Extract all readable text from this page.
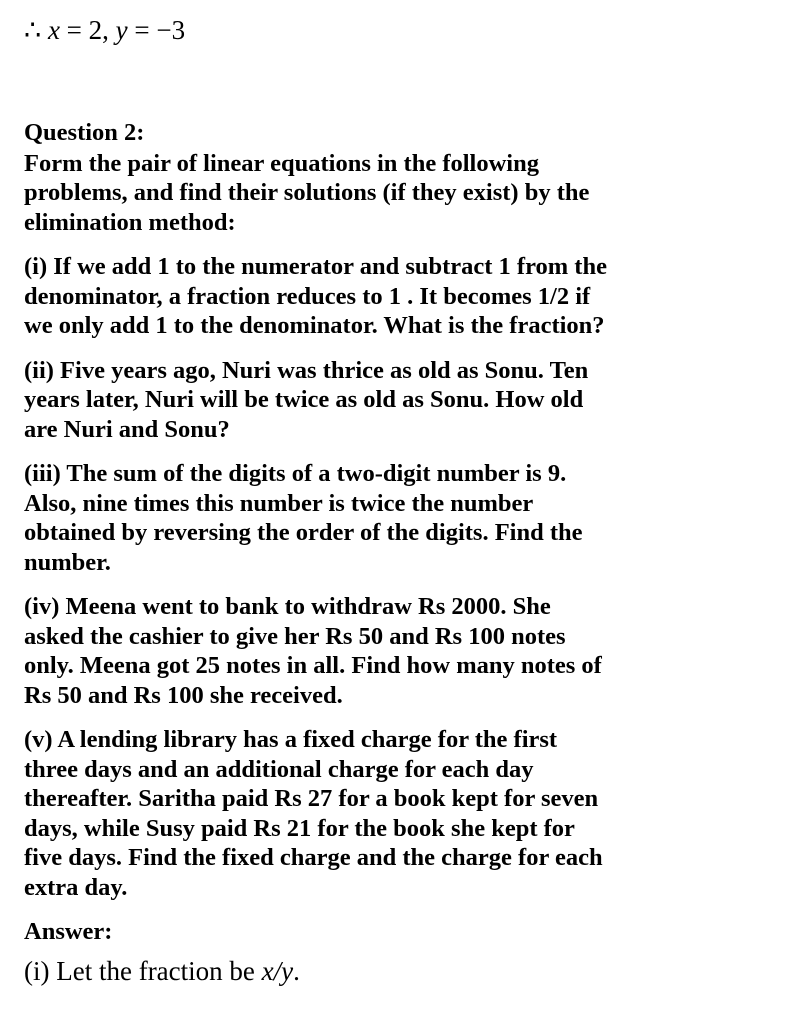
∴ x = 2, y = −3
Question 2:
Form the pair of linear equations in the following
problems, and find their solutions (if they exist) by the
elimination method:
(i) If we add 1 to the numerator and subtract 1 from the
denominator, a fraction reduces to 1 . It becomes 1/2 if
we only add 1 to the denominator. What is the fraction?
(ii) Five years ago, Nuri was thrice as old as Sonu. Ten
years later, Nuri will be twice as old as Sonu. How old
are Nuri and Sonu?
(iii) The sum of the digits of a two-digit number is 9.
Also, nine times this number is twice the number
obtained by reversing the order of the digits. Find the
number.
(iv) Meena went to bank to withdraw Rs 2000. She
asked the cashier to give her Rs 50 and Rs 100 notes
only. Meena got 25 notes in all. Find how many notes of
Rs 50 and Rs 100 she received.
(v) A lending library has a fixed charge for the first
three days and an additional charge for each day
thereafter. Saritha paid Rs 27 for a book kept for seven
days, while Susy paid Rs 21 for the book she kept for
five days. Find the fixed charge and the charge for each
extra day.
Answer:
(i) Let the fraction be x/y.
